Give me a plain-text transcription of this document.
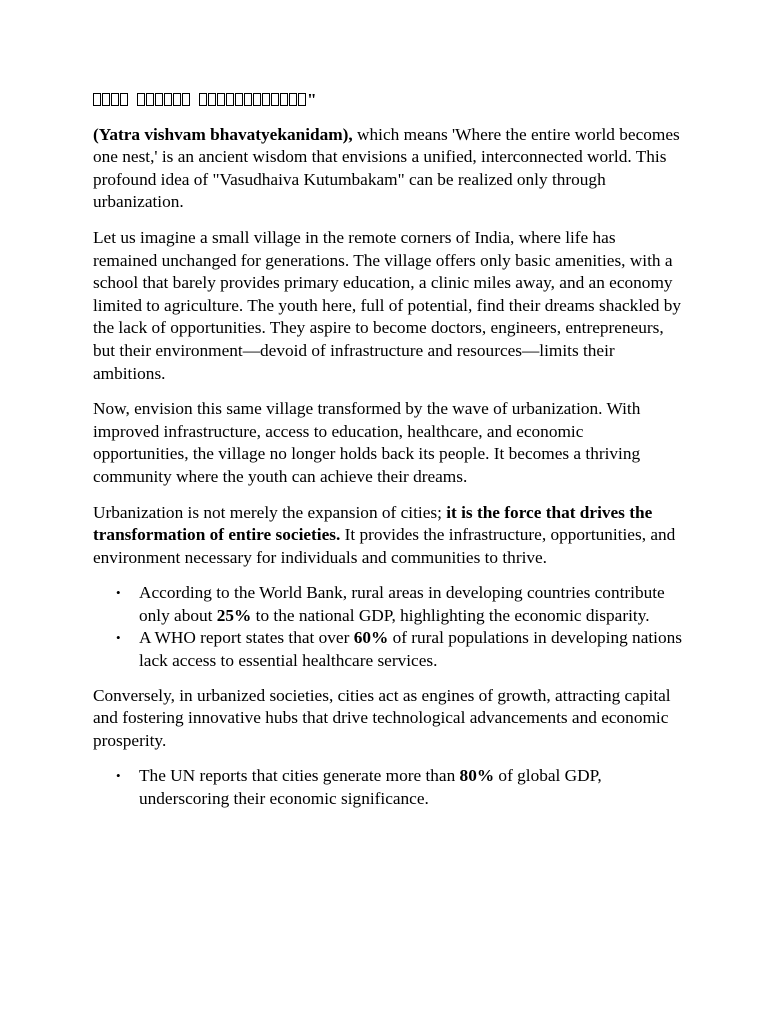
"

(Yatra vishvam bhavatyekanidam), which means 'Where the entire world becomes one nest,' is an ancient wisdom that envisions a unified, interconnected world. This profound idea of "Vasudhaiva Kutumbakam" can be realized only through urbanization.

Let us imagine a small village in the remote corners of India, where life has remained unchanged for generations. The village offers only basic amenities, with a school that barely provides primary education, a clinic miles away, and an economy limited to agriculture. The youth here, full of potential, find their dreams shackled by the lack of opportunities. They aspire to become doctors, engineers, entrepreneurs, but their environment—devoid of infrastructure and resources—limits their ambitions.

Now, envision this same village transformed by the wave of urbanization. With improved infrastructure, access to education, healthcare, and economic opportunities, the village no longer holds back its people. It becomes a thriving community where the youth can achieve their dreams.

Urbanization is not merely the expansion of cities; it is the force that drives the transformation of entire societies. It provides the infrastructure, opportunities, and environment necessary for individuals and communities to thrive.

• According to the World Bank, rural areas in developing countries contribute only about 25% to the national GDP, highlighting the economic disparity.
• A WHO report states that over 60% of rural populations in developing nations lack access to essential healthcare services.

Conversely, in urbanized societies, cities act as engines of growth, attracting capital and fostering innovative hubs that drive technological advancements and economic prosperity.

• The UN reports that cities generate more than 80% of global GDP, underscoring their economic significance.
